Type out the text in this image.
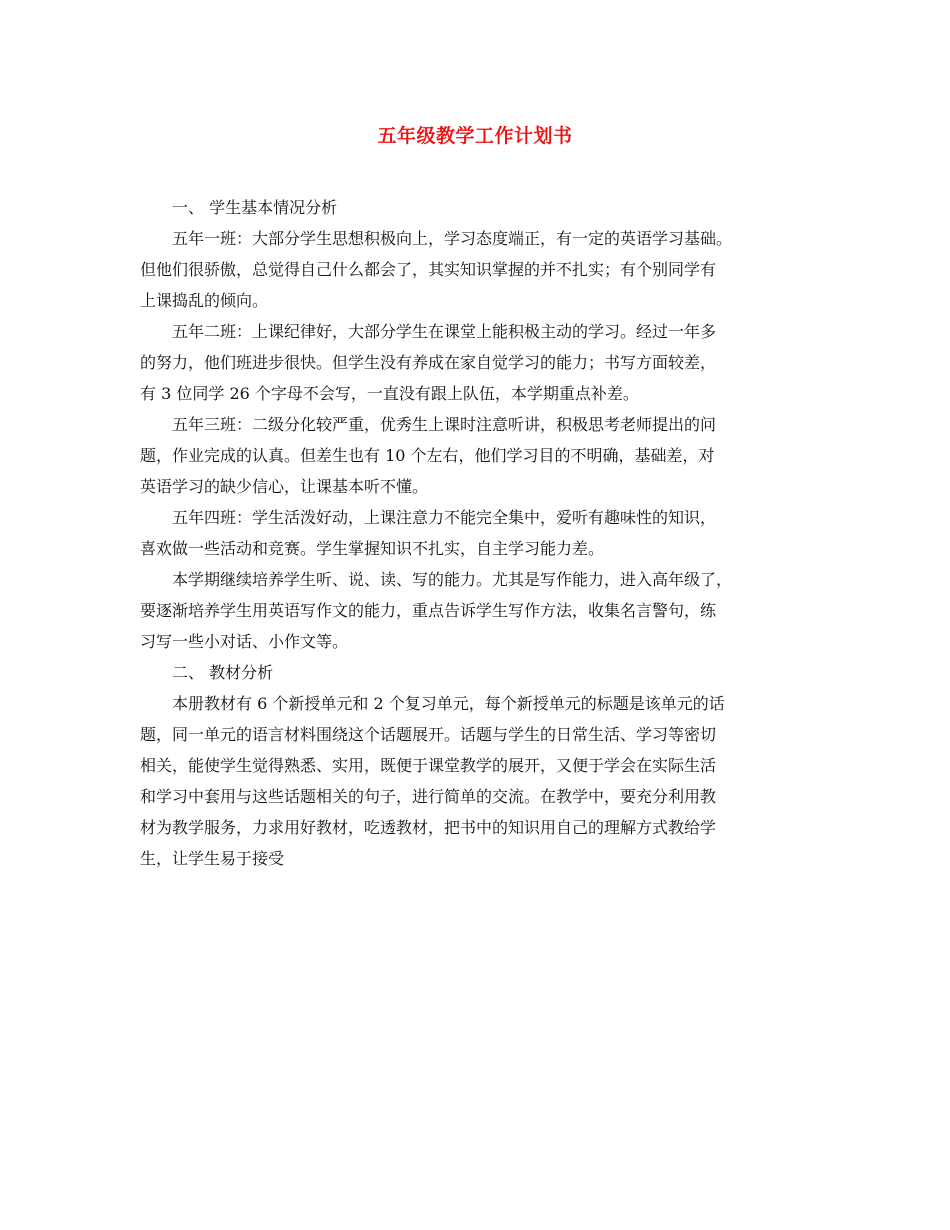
五年级教学工作计划书
一、 学生基本情况分析
五年一班：大部分学生思想积极向上，学习态度端正，有一定的英语学习基础。
但他们很骄傲，总觉得自己什么都会了，其实知识掌握的并不扎实；有个别同学有
上课捣乱的倾向。
五年二班：上课纪律好，大部分学生在课堂上能积极主动的学习。经过一年多
的努力，他们班进步很快。但学生没有养成在家自觉学习的能力；书写方面较差，
有 3 位同学 26 个字母不会写，一直没有跟上队伍，本学期重点补差。
五年三班：二级分化较严重，优秀生上课时注意听讲，积极思考老师提出的问
题，作业完成的认真。但差生也有 10 个左右，他们学习目的不明确，基础差，对
英语学习的缺少信心，让课基本听不懂。
五年四班：学生活泼好动，上课注意力不能完全集中，爱听有趣味性的知识，
喜欢做一些活动和竞赛。学生掌握知识不扎实，自主学习能力差。
本学期继续培养学生听、说、读、写的能力。尤其是写作能力，进入高年级了，
要逐渐培养学生用英语写作文的能力，重点告诉学生写作方法，收集名言警句，练
习写一些小对话、小作文等。
二、 教材分析
本册教材有 6 个新授单元和 2 个复习单元，每个新授单元的标题是该单元的话
题，同一单元的语言材料围绕这个话题展开。话题与学生的日常生活、学习等密切
相关，能使学生觉得熟悉、实用，既便于课堂教学的展开，又便于学会在实际生活
和学习中套用与这些话题相关的句子，进行简单的交流。在教学中，要充分利用教
材为教学服务，力求用好教材，吃透教材，把书中的知识用自己的理解方式教给学
生，让学生易于接受
